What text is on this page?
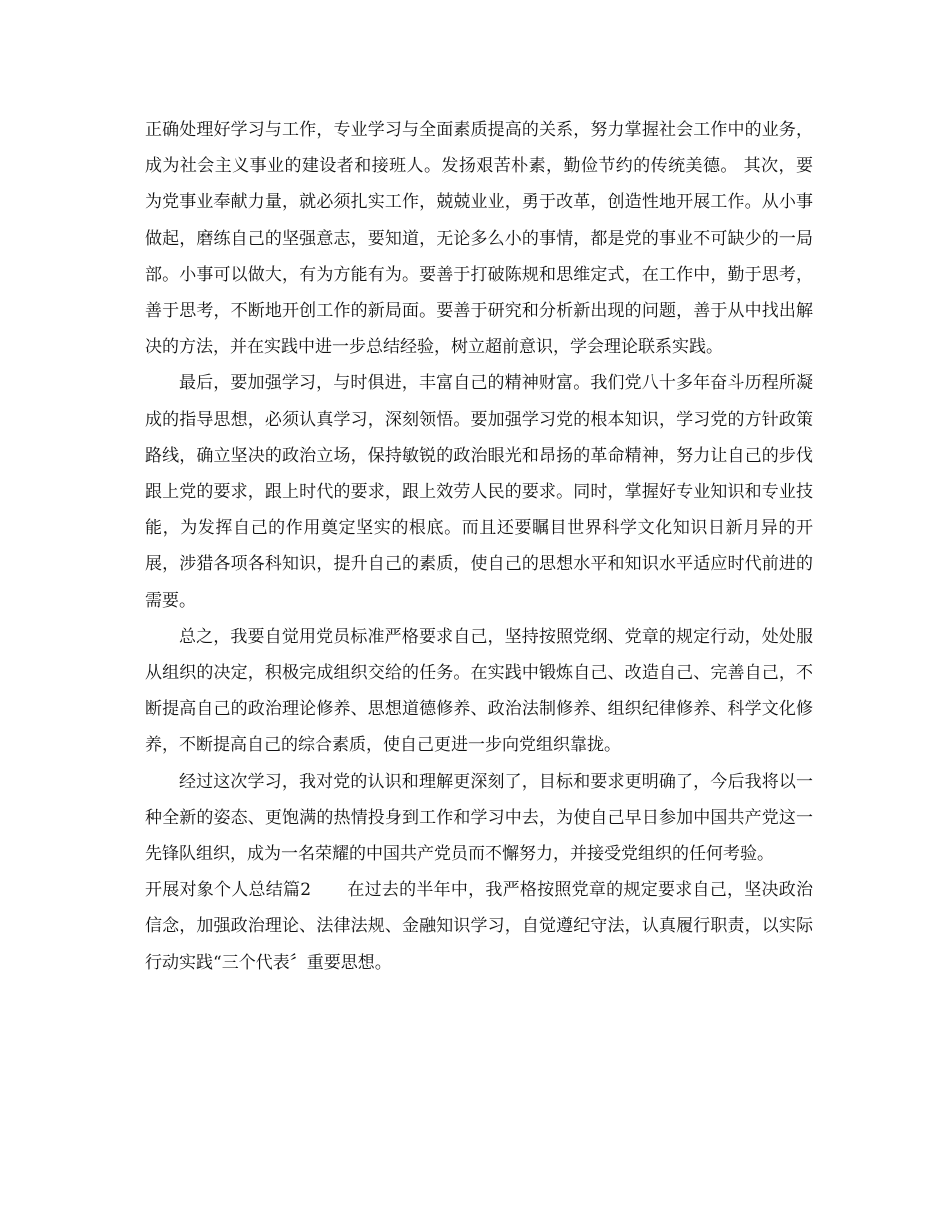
正确处理好学习与工作，专业学习与全面素质提高的关系，努力掌握社会工作中的业务，成为社会主义事业的建设者和接班人。发扬艰苦朴素，勤俭节约的传统美德。 其次，要为党事业奉献力量，就必须扎实工作，兢兢业业，勇于改革，创造性地开展工作。从小事做起，磨练自己的坚强意志，要知道，无论多么小的事情，都是党的事业不可缺少的一局部。小事可以做大，有为方能有为。要善于打破陈规和思维定式，在工作中，勤于思考，善于思考，不断地开创工作的新局面。要善于研究和分析新出现的问题，善于从中找出解决的方法，并在实践中进一步总结经验，树立超前意识，学会理论联系实践。

最后，要加强学习，与时俱进，丰富自己的精神财富。我们党八十多年奋斗历程所凝成的指导思想，必须认真学习，深刻领悟。要加强学习党的根本知识，学习党的方针政策路线，确立坚决的政治立场，保持敏锐的政治眼光和昂扬的革命精神，努力让自己的步伐跟上党的要求，跟上时代的要求，跟上效劳人民的要求。同时，掌握好专业知识和专业技能，为发挥自己的作用奠定坚实的根底。而且还要瞩目世界科学文化知识日新月异的开展，涉猎各项各科知识，提升自己的素质，使自己的思想水平和知识水平适应时代前进的需要。

总之，我要自觉用党员标准严格要求自己，坚持按照党纲、党章的规定行动，处处服从组织的决定，积极完成组织交给的任务。在实践中锻炼自己、改造自己、完善自己，不断提高自己的政治理论修养、思想道德修养、政治法制修养、组织纪律修养、科学文化修养，不断提高自己的综合素质，使自己更进一步向党组织靠拢。

经过这次学习，我对党的认识和理解更深刻了，目标和要求更明确了，今后我将以一种全新的姿态、更饱满的热情投身到工作和学习中去，为使自己早日参加中国共产党这一先锋队组织，成为一名荣耀的中国共产党员而不懈努力，并接受党组织的任何考验。

开展对象个人总结篇2 在过去的半年中，我严格按照党章的规定要求自己，坚决政治信念，加强政治理论、法律法规、金融知识学习，自觉遵纪守法，认真履行职责，以实际行动实践“三个代表〞重要思想。
